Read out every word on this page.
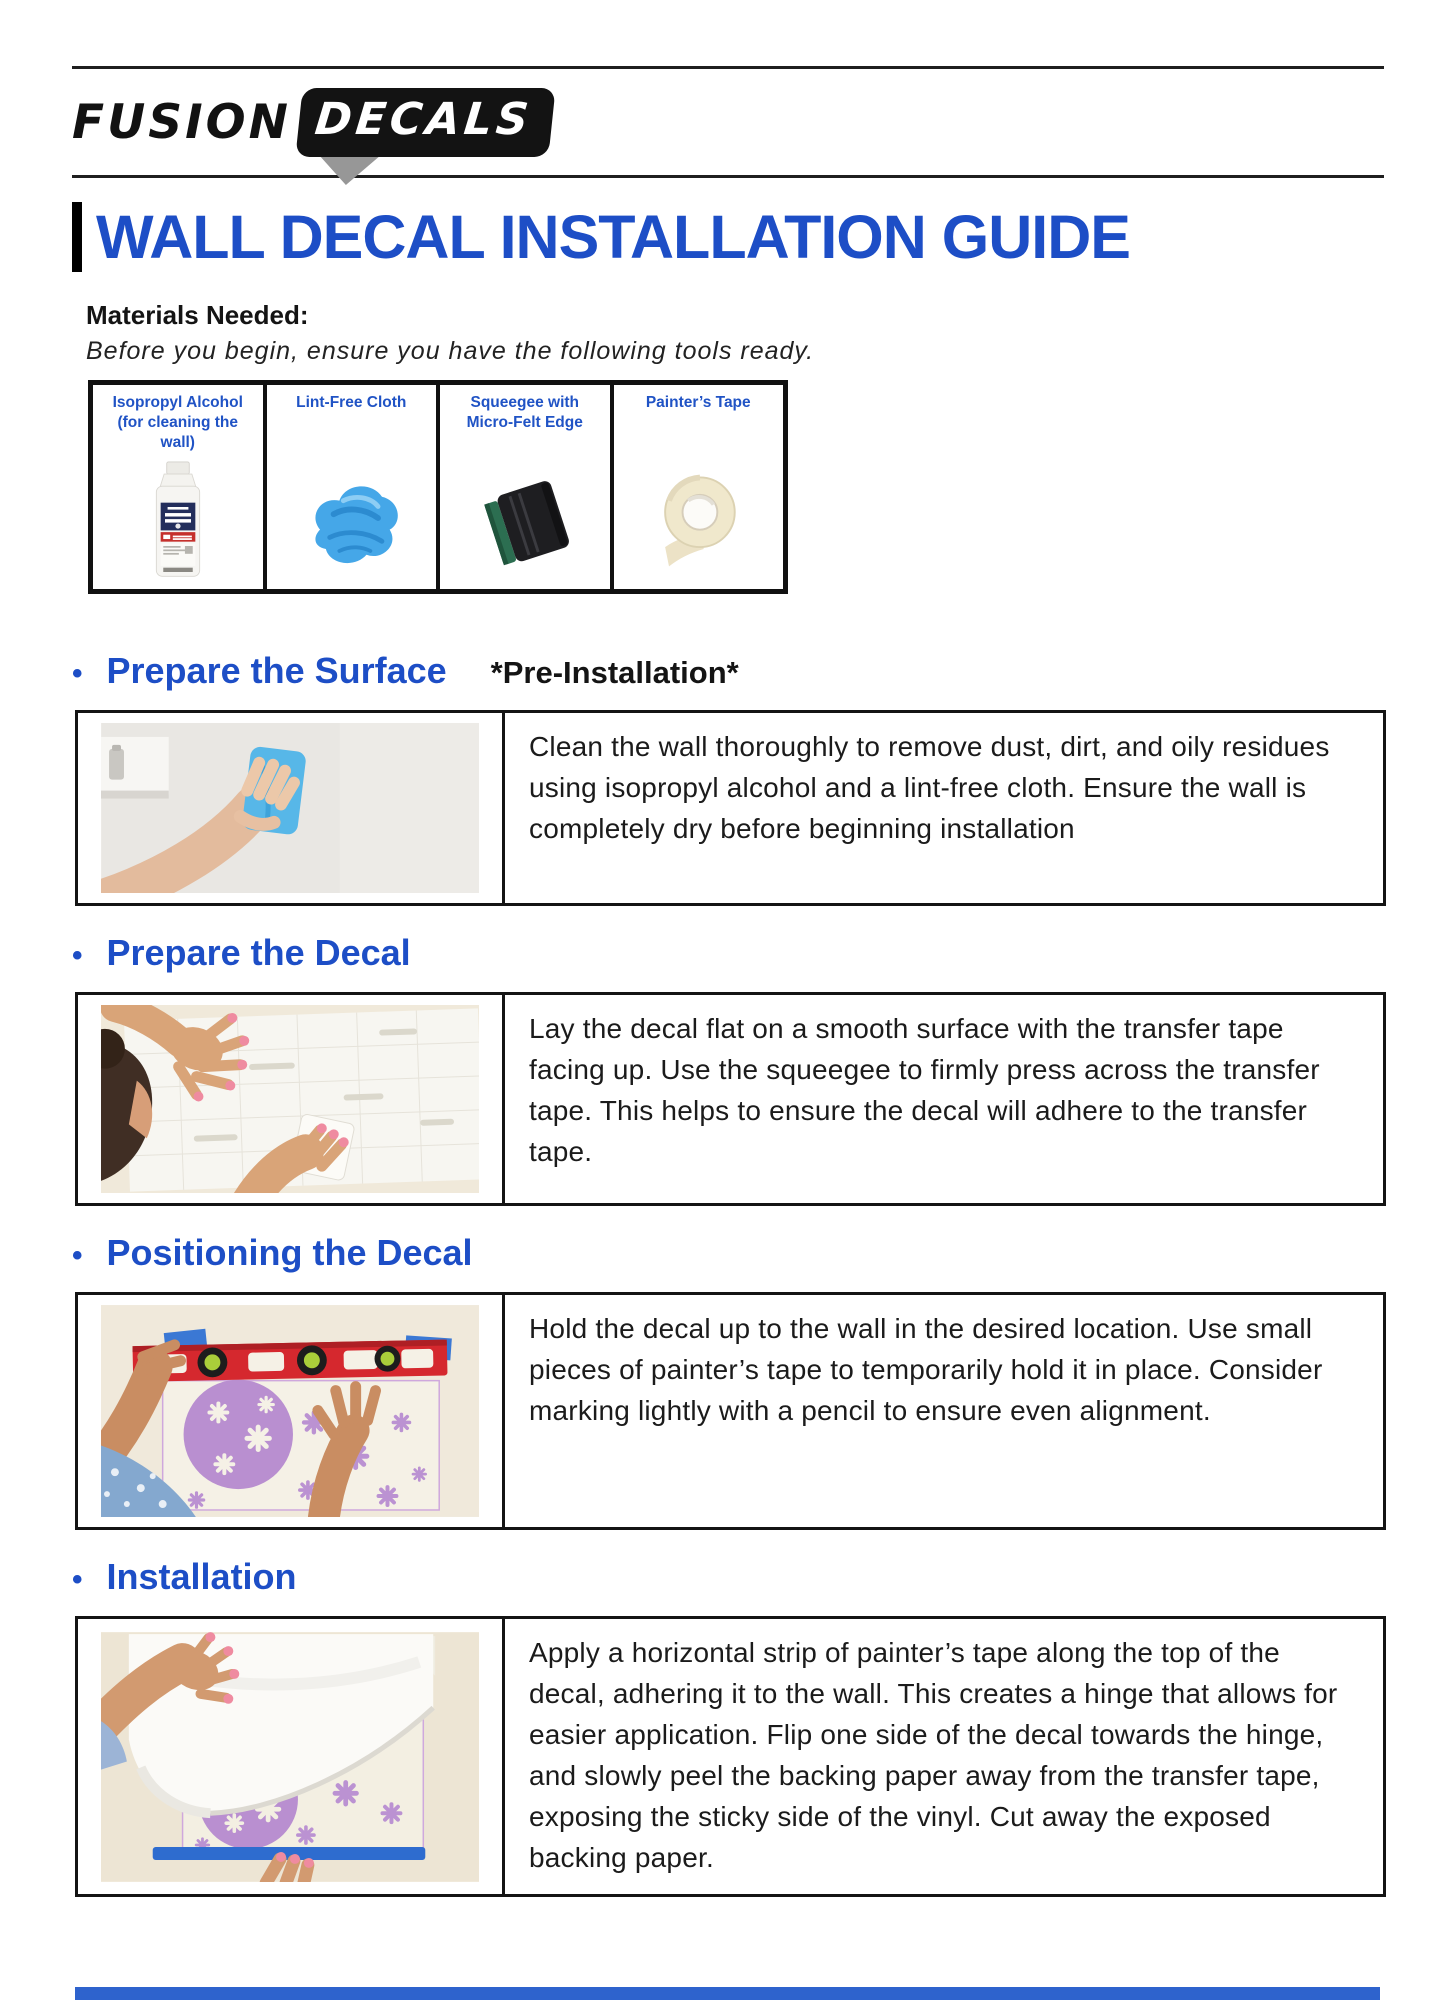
FUSION DECALS
WALL DECAL INSTALLATION GUIDE
Materials Needed:
Before you begin, ensure you have the following tools ready.
Isopropyl Alcohol (for cleaning the wall)
Lint-Free Cloth	Squeegee with Micro-Felt Edge
Painter’s Tape
• Prepare the Surface *Pre-Installation*

Clean the wall thoroughly to remove dust, dirt, and oily residues using isopropyl alcohol and a lint-free cloth. Ensure the wall is completely dry before beginning installation

• Prepare the Decal

Lay the decal flat on a smooth surface with the transfer tape facing up. Use the squeegee to firmly press across the transfer tape. This helps to ensure the decal will adhere to the transfer tape.

• Positioning the Decal

Hold the decal up to the wall in the desired location. Use small pieces of painter’s tape to temporarily hold it in place. Consider marking lightly with a pencil to ensure even alignment.

• Installation

Apply a horizontal strip of painter’s tape along the top of the decal, adhering it to the wall. This creates a hinge that allows for easier application. Flip one side of the decal towards the hinge, and slowly peel the backing paper away from the transfer tape, exposing the sticky side of the vinyl. Cut away the exposed backing paper.
